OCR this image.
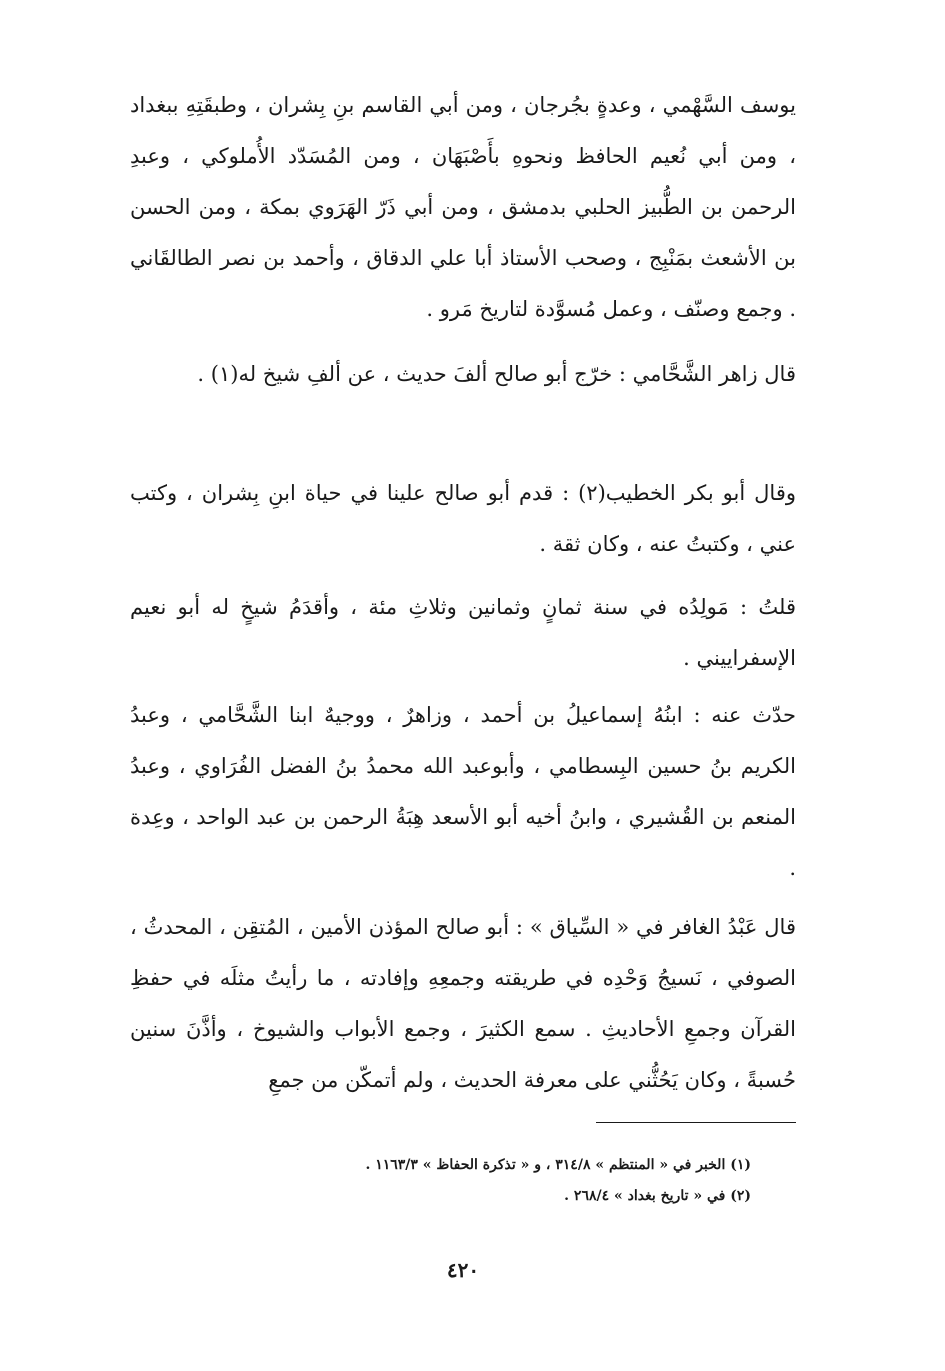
يوسف السَّهْمي ، وعدةٍ بجُرجان ، ومن أبي القاسم بنِ بِشران ، وطبقَتِهِ ببغداد ، ومن أبي نُعيم الحافظ ونحوهِ بأَصْبَهَان ، ومن المُسَدّد الأُملوكي ، وعبدِ الرحمن بن الطُّبيز الحلبي بدمشق ، ومن أبي ذَرّ الهَرَوي بمكة ، ومن الحسن بن الأشعث بمَنْبِج ، وصحب الأستاذ أبا علي الدقاق ، وأحمد بن نصر الطالقَاني . وجمع وصنّف ، وعمل مُسوَّدة لتاريخ مَرو .

قال زاهر الشَّحَّامي : خرّج أبو صالح ألفَ حديث ، عن ألفِ شيخ له(١) .

وقال أبو بكر الخطيب(٢) : قدم أبو صالح علينا في حياة ابنِ بِشران ، وكتب عني ، وكتبتُ عنه ، وكان ثقة .

قلتُ : مَولِدُه في سنة ثمانٍ وثمانين وثلاثِ مئة ، وأقدَمُ شيخٍ له أبو نعيم الإسفراييني .

حدّث عنه : ابنُهُ إسماعيلُ بن أحمد ، وزاهرٌ ، ووجيهٌ ابنا الشَّحَّامي ، وعبدُ الكريم بنُ حسين البِسطامي ، وأبوعبد الله محمدُ بنُ الفضل الفُرَاوي ، وعبدُ المنعم بن القُشيري ، وابنُ أخيه أبو الأسعد هِبَةُ الرحمن بن عبد الواحد ، وعِدة .

قال عَبْدُ الغافر في « السِّياق » : أبو صالح المؤذن الأمين ، المُتقِن ، المحدثُ ، الصوفي ، نَسيجُ وَحْدِه في طريقته وجمعِهِ وإفادته ، ما رأيتُ مثلَه في حفظِ القرآن وجمعِ الأحاديثِ . سمع الكثيرَ ، وجمع الأبواب والشيوخ ، وأذَّنَ سنين حُسبةً ، وكان يَحُثُّني على معرفة الحديث ، ولم أتمكّن من جمعِ

(١) الخبر في « المنتظم » ٣١٤/٨ ، و « تذكرة الحفاظ » ١١٦٣/٣ .
(٢) في « تاريخ بغداد » ٢٦٨/٤ .
٤٢٠
